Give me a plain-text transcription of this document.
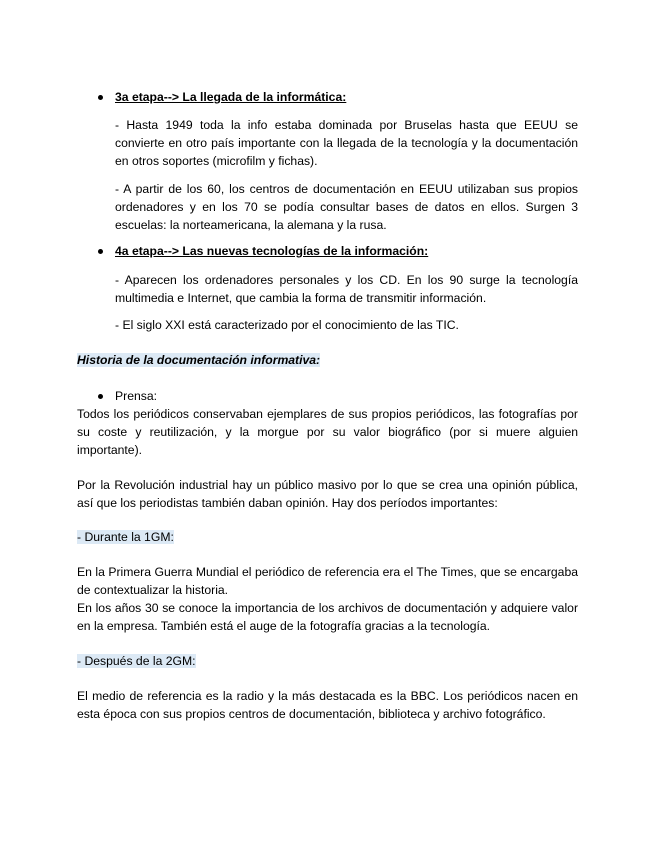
3a etapa--> La llegada de la informática:
- Hasta 1949 toda la info estaba dominada por Bruselas hasta que EEUU se convierte en otro país importante con la llegada de la tecnología y la documentación en otros soportes (microfilm y fichas).
- A partir de los 60, los centros de documentación en EEUU utilizaban sus propios ordenadores y en los 70 se podía consultar bases de datos en ellos. Surgen 3 escuelas: la norteamericana, la alemana y la rusa.
4a etapa--> Las nuevas tecnologías de la información:
- Aparecen los ordenadores personales y los CD. En los 90 surge la tecnología multimedia e Internet, que cambia la forma de transmitir información.
- El siglo XXI está caracterizado por el conocimiento de las TIC.
Historia de la documentación informativa:
Prensa:
Todos los periódicos conservaban ejemplares de sus propios periódicos, las fotografías por su coste y reutilización, y la morgue por su valor biográfico (por si muere alguien importante).
Por la Revolución industrial hay un público masivo por lo que se crea una opinión pública, así que los periodistas también daban opinión. Hay dos períodos importantes:
- Durante la 1GM:
En la Primera Guerra Mundial el periódico de referencia era el The Times, que se encargaba de contextualizar la historia.
En los años 30 se conoce la importancia de los archivos de documentación y adquiere valor en la empresa. También está el auge de la fotografía gracias a la tecnología.
- Después de la 2GM:
El medio de referencia es la radio y la más destacada es la BBC. Los periódicos nacen en esta época con sus propios centros de documentación, biblioteca y archivo fotográfico.
